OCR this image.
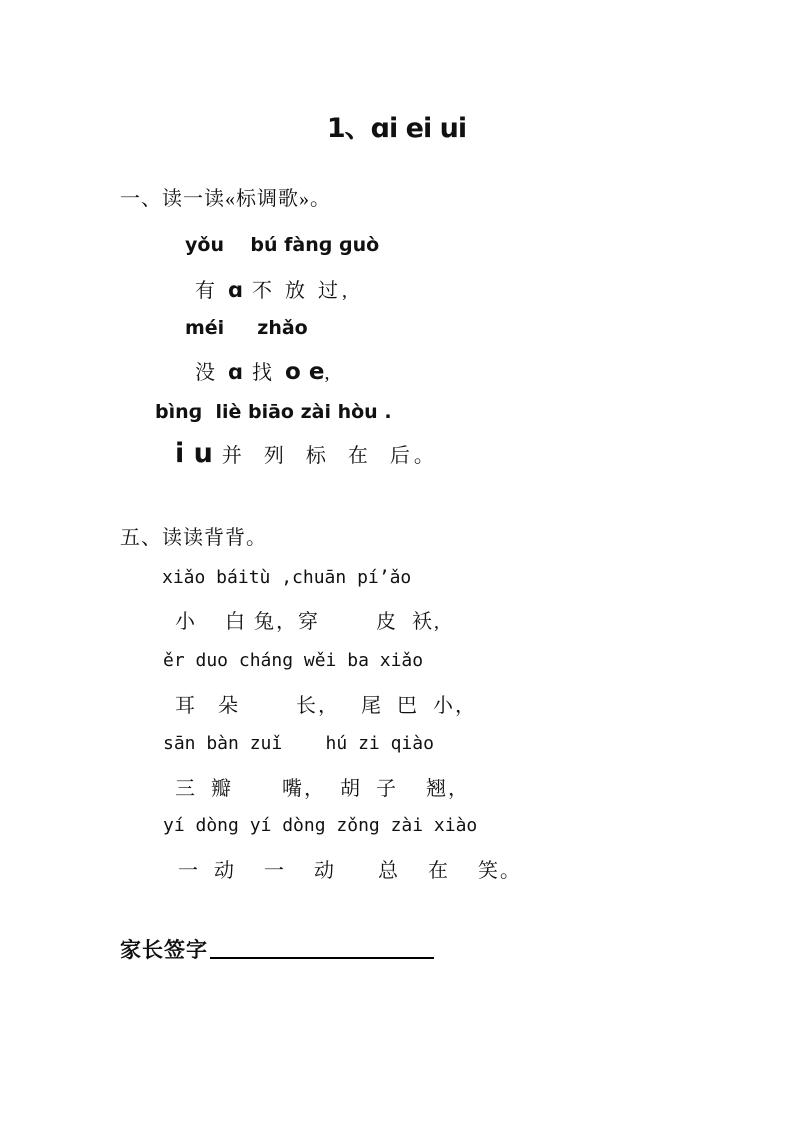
1、ɑi ei ui
一、读一读«标调歌»。
yǒu    bú fànɡ ɡuò
有 ɑ 不 放 过,
méi     zhǎo
没 ɑ 找 o e,
bìnɡ  liè biāo zài hòu .
i u 并  列  标  在  后。
五、读读背背。
xiǎo báitù ,chuān pí’ǎo
小    白 兔，穿        皮  袄,
ěr duo cháng wěi ba xiǎo
耳   朵        长，   尾  巴  小，
sān bàn zuǐ    hú zi qiào
三  瓣       嘴，  胡  子    翘，
yí dòng yí dòng zǒng zài xiào
一  动    一    动      总    在    笑。
家长签字
